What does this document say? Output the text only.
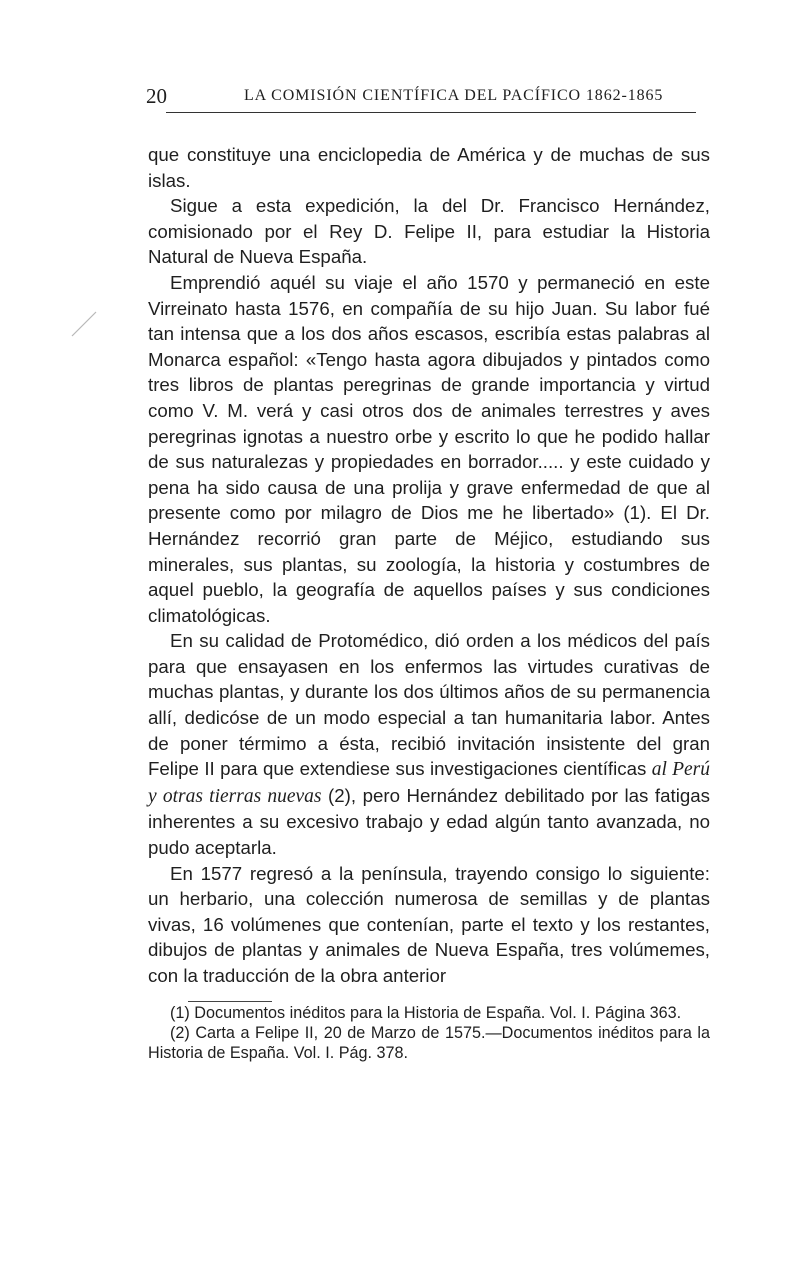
20	LA COMISIÓN CIENTÍFICA DEL PACÍFICO 1862-1865

que constituye una enciclopedia de América y de muchas de sus islas.

Sigue a esta expedición, la del Dr. Francisco Hernández, comisionado por el Rey D. Felipe II, para estudiar la Historia Natural de Nueva España.

Emprendió aquél su viaje el año 1570 y permaneció en este Virreinato hasta 1576, en compañía de su hijo Juan. Su labor fué tan intensa que a los dos años escasos, escribía estas palabras al Monarca español: «Tengo hasta agora dibujados y pintados como tres libros de plantas peregrinas de grande importancia y virtud como V. M. verá y casi otros dos de animales terrestres y aves peregrinas ignotas a nuestro orbe y escrito lo que he podido hallar de sus naturalezas y propiedades en borrador..... y este cuidado y pena ha sido causa de una prolija y grave enfermedad de que al presente como por milagro de Dios me he libertado» (1). El Dr. Hernández recorrió gran parte de Méjico, estudiando sus minerales, sus plantas, su zoología, la historia y costumbres de aquel pueblo, la geografía de aquellos países y sus condiciones climatológicas.

En su calidad de Protomédico, dió orden a los médicos del país para que ensayasen en los enfermos las virtudes curativas de muchas plantas, y durante los dos últimos años de su permanencia allí, dedicóse de un modo especial a tan humanitaria labor. Antes de poner térmimo a ésta, recibió invitación insistente del gran Felipe II para que extendiese sus investigaciones científicas al Perú y otras tierras nuevas (2), pero Hernández debilitado por las fatigas inherentes a su excesivo trabajo y edad algún tanto avanzada, no pudo aceptarla.

En 1577 regresó a la península, trayendo consigo lo siguiente: un herbario, una colección numerosa de semillas y de plantas vivas, 16 volúmenes que contenían, parte el texto y los restantes, dibujos de plantas y animales de Nueva España, tres volúmemes, con la traducción de la obra anterior

(1) Documentos inéditos para la Historia de España. Vol. I. Página 363.

(2) Carta a Felipe II, 20 de Marzo de 1575.—Documentos inéditos para la Historia de España. Vol. I. Pág. 378.
